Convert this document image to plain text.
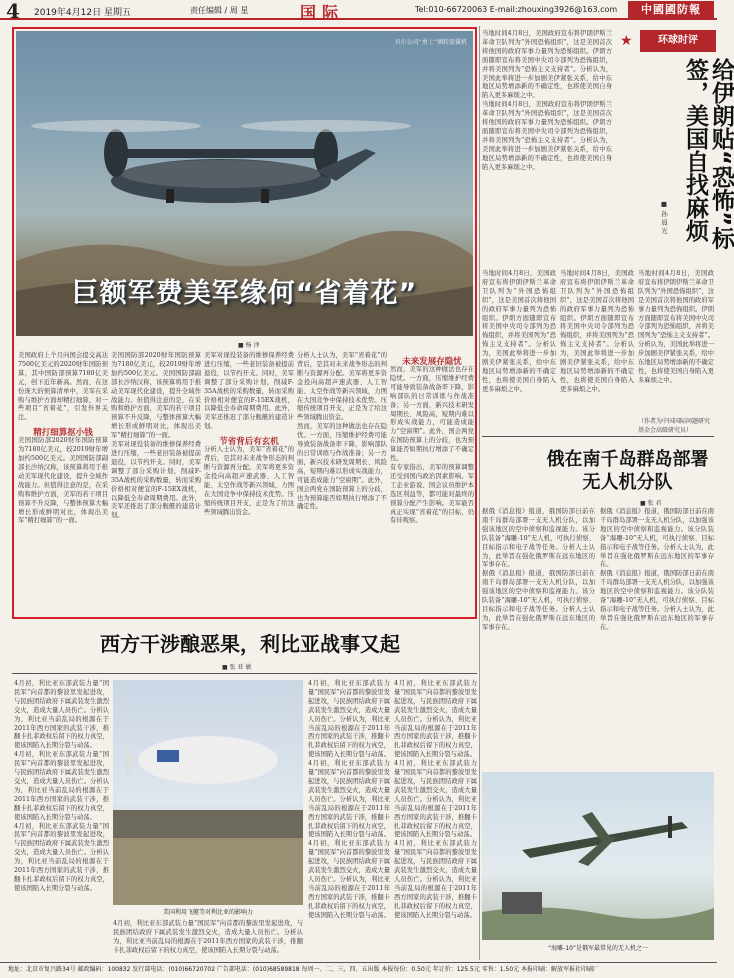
4 2019年4月12日 星期五	责任编辑 / 周 星	国际	Tel:010-66720063 E-mail:zhouxing3926@163.com	中國國防報
贝尔公司“勇士”倾转旋翼机
巨额军费美军缘何“省着花”
■ 杨 泽

美国政府上个月向国会提交高达7500亿美元的2020财年国防预算，其中国防部预算7180亿美元，创下近年新高。然而，在这份庞大的预算清单中，美军在采购与维护方面却精打细算，对一些项目“省着花”，引发外界关注。

精打细算抠小钱

美国国防部2020财年国防预算为7180亿美元，较2019财年增加约500亿美元。美国国防部副部长沙纳汉称，该预算将用于推动美军现代化建设，提升全域作战能力。但值得注意的是，在采购和维护方面，美军的若干项目预算不升反降，与整体预算大幅增长形成鲜明对比，体现出美军“精打细算”的一面。

美国国防部2020财年国防预算为7180亿美元，较2019财年增加约500亿美元。美国国防部副部长沙纳汉称，该预算将用于推动美军现代化建设，提升全域作战能力。但值得注意的是，在采购和维护方面，美军的若干项目预算不升反降，与整体预算大幅增长形成鲜明对比，体现出美军“精打细算”的一面。

美军对现役装备的维修保养经费进行压缩，一些老旧装备被提前退役，以节约开支。同时，美军调整了部分采购计划，削减F-35A战机的采购数量，转而采购价格相对便宜的F-15EX战机，以降低全寿命周期费用。此外，美军还推迟了部分舰艇的建造计划。

美军对现役装备的维修保养经费进行压缩，一些老旧装备被提前退役，以节约开支。同时，美军调整了部分采购计划，削减F-35A战机的采购数量，转而采购价格相对便宜的F-15EX战机，以降低全寿命周期费用。此外，美军还推迟了部分舰艇的建造计划。

节省背后有玄机

分析人士认为，美军“省着花”的背后，是其对未来战争形态的判断与资源再分配。美军将更多资金投向高超声速武器、人工智能、太空作战等新兴领域，力图在大国竞争中保持技术优势。压缩传统项目开支，正是为了给这些领域腾出资金。

分析人士认为，美军“省着花”的背后，是其对未来战争形态的判断与资源再分配。美军将更多资金投向高超声速武器、人工智能、太空作战等新兴领域，力图在大国竞争中保持技术优势。压缩传统项目开支，正是为了给这些领域腾出资金。

然而，美军的这种做法也存在隐忧。一方面，压缩维护经费可能导致装备战备率下降，影响部队的日常训练与作战准备；另一方面，新兴技术研发周期长、风险高，短期内难以形成实战能力，可能造成能力“空窗期”。此外，国会两党在国防预算上的分歧，也为预算能否如期执行增添了不确定性。

未来发展存隐忧

然而，美军的这种做法也存在隐忧。一方面，压缩维护经费可能导致装备战备率下降，影响部队的日常训练与作战准备；另一方面，新兴技术研发周期长、风险高，短期内难以形成实战能力，可能造成能力“空窗期”。此外，国会两党在国防预算上的分歧，也为预算能否如期执行增添了不确定性。

有专家指出，美军的预算调整还受到国内政治因素影响。军工企业游说、国会议员维护本选区利益等，都可能对最终的预算分配产生影响。美军能否真正实现“省着花”的目标，仍有待观察。

★	环球时评

当地时间4月8日，美国政府宣布将伊朗伊斯兰革命卫队列为“外国恐怖组织”，这是美国首次将他国的政府军事力量列为恐怖组织。伊朗方面随即宣布将美国中央司令部列为恐怖组织，并将美国列为“恐怖主义支持者”。分析认为，美国此举将进一步加剧美伊紧张关系，给中东地区局势增添新的不确定性，也将使美国自身陷入更多麻烦之中。

当地时间4月8日，美国政府宣布将伊朗伊斯兰革命卫队列为“外国恐怖组织”，这是美国首次将他国的政府军事力量列为恐怖组织。伊朗方面随即宣布将美国中央司令部列为恐怖组织，并将美国列为“恐怖主义支持者”。分析认为，美国此举将进一步加剧美伊紧张关系，给中东地区局势增添新的不确定性，也将使美国自身陷入更多麻烦之中。	给伊朗贴“恐怖”标签，美国自找麻烦
■ 孙 晨 光

当地时间4月8日，美国政府宣布将伊朗伊斯兰革命卫队列为“外国恐怖组织”，这是美国首次将他国的政府军事力量列为恐怖组织。伊朗方面随即宣布将美国中央司令部列为恐怖组织，并将美国列为“恐怖主义支持者”。分析认为，美国此举将进一步加剧美伊紧张关系，给中东地区局势增添新的不确定性，也将使美国自身陷入更多麻烦之中。

当地时间4月8日，美国政府宣布将伊朗伊斯兰革命卫队列为“外国恐怖组织”，这是美国首次将他国的政府军事力量列为恐怖组织。伊朗方面随即宣布将美国中央司令部列为恐怖组织，并将美国列为“恐怖主义支持者”。分析认为，美国此举将进一步加剧美伊紧张关系，给中东地区局势增添新的不确定性，也将使美国自身陷入更多麻烦之中。

当地时间4月8日，美国政府宣布将伊朗伊斯兰革命卫队列为“外国恐怖组织”，这是美国首次将他国的政府军事力量列为恐怖组织。伊朗方面随即宣布将美国中央司令部列为恐怖组织，并将美国列为“恐怖主义支持者”。分析认为，美国此举将进一步加剧美伊紧张关系，给中东地区局势增添新的不确定性，也将使美国自身陷入更多麻烦之中。

（作者为中国国际问题研究基金会高级研究员）
俄在南千岛群岛部署无人机分队
■ 张 君

据俄《消息报》报道，俄国防部日前在南千岛群岛部署一支无人机分队，以加强该地区的空中侦察和监视能力。该分队装备“海雕-10”无人机，可执行侦察、目标指示和电子战等任务。分析人士认为，此举旨在强化俄罗斯在远东地区的军事存在。

据俄《消息报》报道，俄国防部日前在南千岛群岛部署一支无人机分队，以加强该地区的空中侦察和监视能力。该分队装备“海雕-10”无人机，可执行侦察、目标指示和电子战等任务。分析人士认为，此举旨在强化俄罗斯在远东地区的军事存在。

据俄《消息报》报道，俄国防部日前在南千岛群岛部署一支无人机分队，以加强该地区的空中侦察和监视能力。该分队装备“海雕-10”无人机，可执行侦察、目标指示和电子战等任务。分析人士认为，此举旨在强化俄罗斯在远东地区的军事存在。

据俄《消息报》报道，俄国防部日前在南千岛群岛部署一支无人机分队，以加强该地区的空中侦察和监视能力。该分队装备“海雕-10”无人机，可执行侦察、目标指示和电子战等任务。分析人士认为，此举旨在强化俄罗斯在远东地区的军事存在。

“海雕-10”是俄军最常见的无人机之一
西方干涉酿恶果，利比亚战事又起
■ 张 亚 敏

4月初，利比亚东部武装力量“国民军”向首都的黎波里发起进攻，与民族团结政府下属武装发生激烈交火，造成大量人员伤亡。分析认为，利比亚当前乱局的根源在于2011年西方国家的武装干涉，推翻卡扎菲政权后留下的权力真空，使该国陷入长期分裂与动荡。

4月初，利比亚东部武装力量“国民军”向首都的黎波里发起进攻，与民族团结政府下属武装发生激烈交火，造成大量人员伤亡。分析认为，利比亚当前乱局的根源在于2011年西方国家的武装干涉，推翻卡扎菲政权后留下的权力真空，使该国陷入长期分裂与动荡。

4月初，利比亚东部武装力量“国民军”向首都的黎波里发起进攻，与民族团结政府下属武装发生激烈交火，造成大量人员伤亡。分析认为，利比亚当前乱局的根源在于2011年西方国家的武装干涉，推翻卡扎菲政权后留下的权力真空，使该国陷入长期分裂与动荡。

美国利用飞艇等对利比亚的影响力

4月初，利比亚东部武装力量“国民军”向首都的黎波里发起进攻，与民族团结政府下属武装发生激烈交火，造成大量人员伤亡。分析认为，利比亚当前乱局的根源在于2011年西方国家的武装干涉，推翻卡扎菲政权后留下的权力真空，使该国陷入长期分裂与动荡。

4月初，利比亚东部武装力量“国民军”向首都的黎波里发起进攻，与民族团结政府下属武装发生激烈交火，造成大量人员伤亡。分析认为，利比亚当前乱局的根源在于2011年西方国家的武装干涉，推翻卡扎菲政权后留下的权力真空，使该国陷入长期分裂与动荡。

4月初，利比亚东部武装力量“国民军”向首都的黎波里发起进攻，与民族团结政府下属武装发生激烈交火，造成大量人员伤亡。分析认为，利比亚当前乱局的根源在于2011年西方国家的武装干涉，推翻卡扎菲政权后留下的权力真空，使该国陷入长期分裂与动荡。

4月初，利比亚东部武装力量“国民军”向首都的黎波里发起进攻，与民族团结政府下属武装发生激烈交火，造成大量人员伤亡。分析认为，利比亚当前乱局的根源在于2011年西方国家的武装干涉，推翻卡扎菲政权后留下的权力真空，使该国陷入长期分裂与动荡。

4月初，利比亚东部武装力量“国民军”向首都的黎波里发起进攻，与民族团结政府下属武装发生激烈交火，造成大量人员伤亡。分析认为，利比亚当前乱局的根源在于2011年西方国家的武装干涉，推翻卡扎菲政权后留下的权力真空，使该国陷入长期分裂与动荡。

4月初，利比亚东部武装力量“国民军”向首都的黎波里发起进攻，与民族团结政府下属武装发生激烈交火，造成大量人员伤亡。分析认为，利比亚当前乱局的根源在于2011年西方国家的武装干涉，推翻卡扎菲政权后留下的权力真空，使该国陷入长期分裂与动荡。

4月初，利比亚东部武装力量“国民军”向首都的黎波里发起进攻，与民族团结政府下属武装发生激烈交火，造成大量人员伤亡。分析认为，利比亚当前乱局的根源在于2011年西方国家的武装干涉，推翻卡扎菲政权后留下的权力真空，使该国陷入长期分裂与动荡。

地址：北京市复兴路34号 邮政编码：100832 发行部电话：(010)66720702 广告部电话：(010)68589818 每周一、二、三、四、五出版 本报每份：0.50元 年订价：125.5元 零售：1.50元 本报印刷：解放军报社印刷厂
